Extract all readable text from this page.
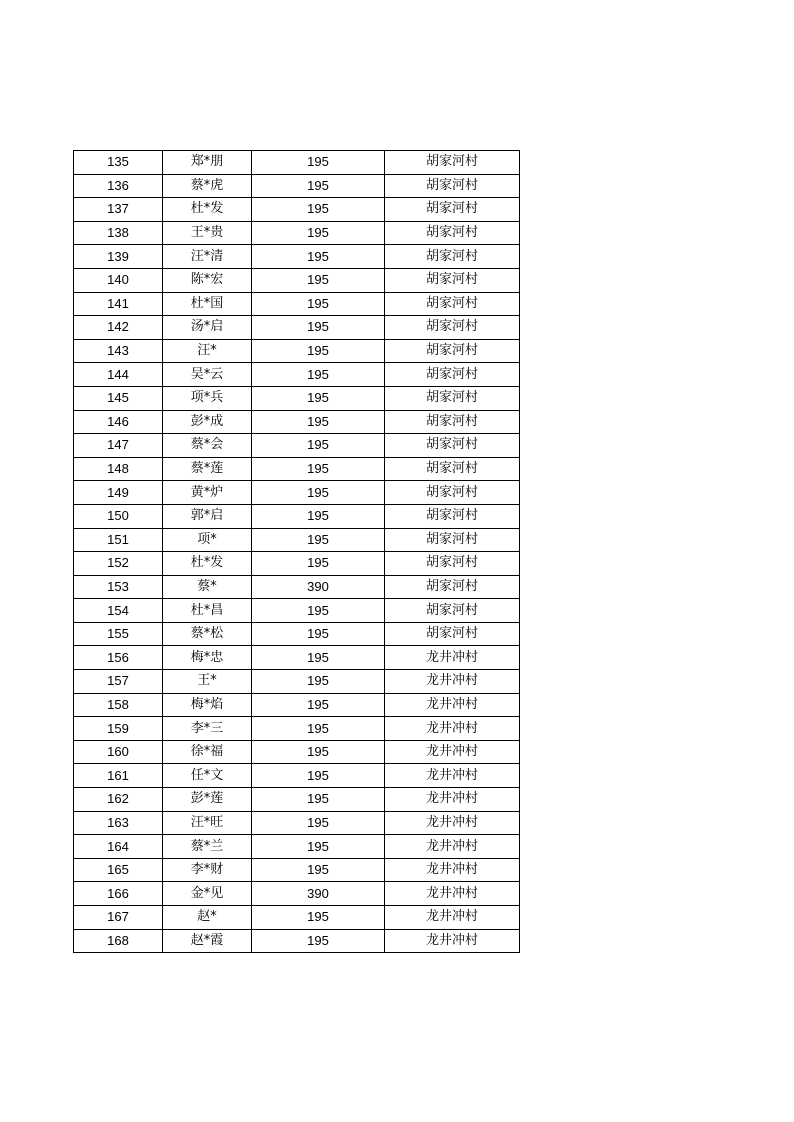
135	郑*朋	195	胡家河村
136	蔡*虎	195	胡家河村
137	杜*发	195	胡家河村
138	王*贵	195	胡家河村
139	汪*清	195	胡家河村
140	陈*宏	195	胡家河村
141	杜*国	195	胡家河村
142	汤*启	195	胡家河村
143	汪*	195	胡家河村
144	吴*云	195	胡家河村
145	项*兵	195	胡家河村
146	彭*成	195	胡家河村
147	蔡*会	195	胡家河村
148	蔡*莲	195	胡家河村
149	黄*炉	195	胡家河村
150	郭*启	195	胡家河村
151	项*	195	胡家河村
152	杜*发	195	胡家河村
153	蔡*	390	胡家河村
154	杜*昌	195	胡家河村
155	蔡*松	195	胡家河村
156	梅*忠	195	龙井冲村
157	王*	195	龙井冲村
158	梅*焰	195	龙井冲村
159	李*三	195	龙井冲村
160	徐*福	195	龙井冲村
161	任*文	195	龙井冲村
162	彭*莲	195	龙井冲村
163	汪*旺	195	龙井冲村
164	蔡*兰	195	龙井冲村
165	李*财	195	龙井冲村
166	金*见	390	龙井冲村
167	赵*	195	龙井冲村
168	赵*霞	195	龙井冲村
